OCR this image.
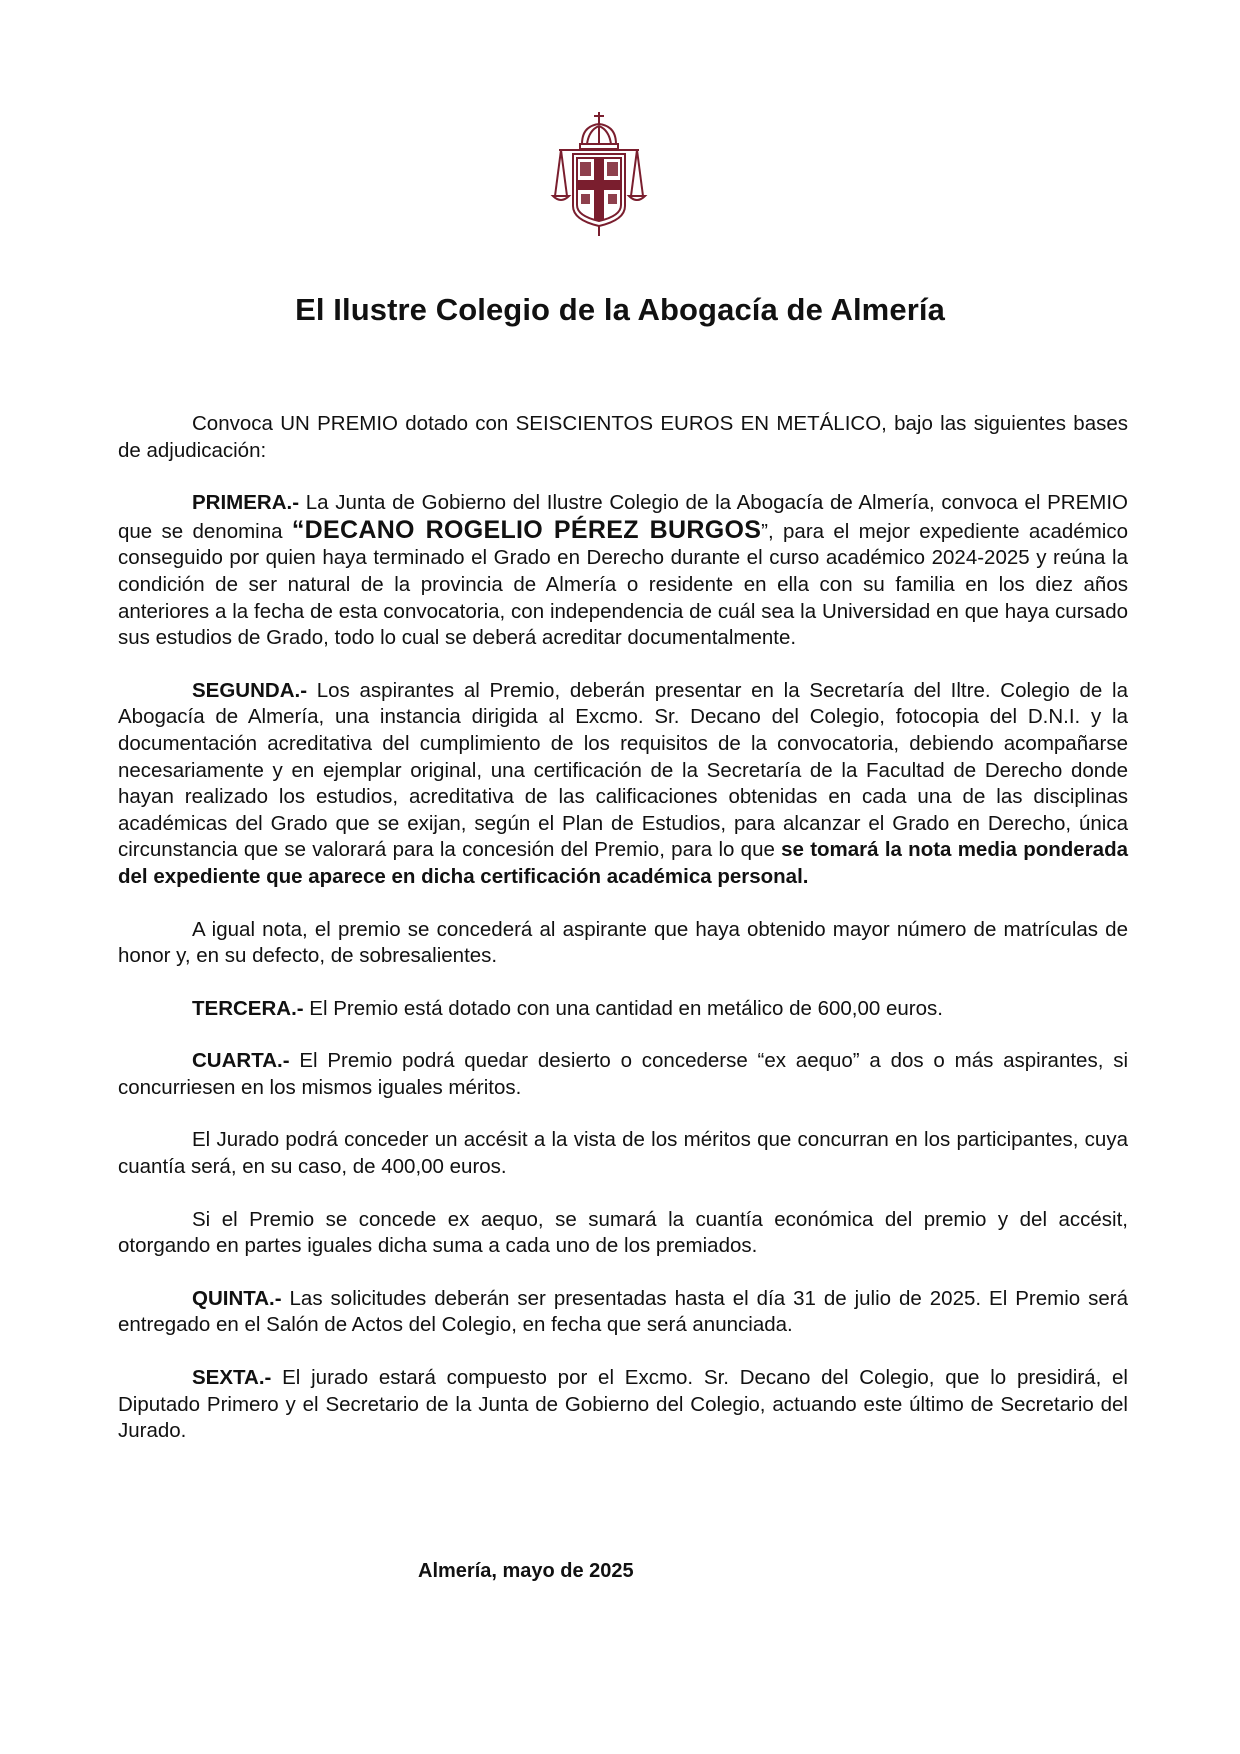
El Ilustre Colegio de la Abogacía de Almería

Convoca UN PREMIO dotado con SEISCIENTOS EUROS EN METÁLICO, bajo las siguientes bases de adjudicación:

PRIMERA.- La Junta de Gobierno del Ilustre Colegio de la Abogacía de Almería, convoca el PREMIO que se denomina “DECANO ROGELIO PÉREZ BURGOS”, para el mejor expediente académico conseguido por quien haya terminado el Grado en Derecho durante el curso académico 2024-2025 y reúna la condición de ser natural de la provincia de Almería o residente en ella con su familia en los diez años anteriores a la fecha de esta convocatoria, con independencia de cuál sea la Universidad en que haya cursado sus estudios de Grado, todo lo cual se deberá acreditar documentalmente.

SEGUNDA.- Los aspirantes al Premio, deberán presentar en la Secretaría del Iltre. Colegio de la Abogacía de Almería, una instancia dirigida al Excmo. Sr. Decano del Colegio, fotocopia del D.N.I. y la documentación acreditativa del cumplimiento de los requisitos de la convocatoria, debiendo acompañarse necesariamente y en ejemplar original, una certificación de la Secretaría de la Facultad de Derecho donde hayan realizado los estudios, acreditativa de las calificaciones obtenidas en cada una de las disciplinas académicas del Grado que se exijan, según el Plan de Estudios, para alcanzar el Grado en Derecho, única circunstancia que se valorará para la concesión del Premio, para lo que se tomará la nota media ponderada del expediente que aparece en dicha certificación académica personal.

A igual nota, el premio se concederá al aspirante que haya obtenido mayor número de matrículas de honor y, en su defecto, de sobresalientes.

TERCERA.- El Premio está dotado con una cantidad en metálico de 600,00 euros.

CUARTA.- El Premio podrá quedar desierto o concederse “ex aequo” a dos o más aspirantes, si concurriesen en los mismos iguales méritos.

El Jurado podrá conceder un accésit a la vista de los méritos que concurran en los participantes, cuya cuantía será, en su caso, de 400,00 euros.

Si el Premio se concede ex aequo, se sumará la cuantía económica del premio y del accésit, otorgando en partes iguales dicha suma a cada uno de los premiados.

QUINTA.- Las solicitudes deberán ser presentadas hasta el día 31 de julio de 2025. El Premio será entregado en el Salón de Actos del Colegio, en fecha que será anunciada.

SEXTA.- El jurado estará compuesto por el Excmo. Sr. Decano del Colegio, que lo presidirá, el Diputado Primero y el Secretario de la Junta de Gobierno del Colegio, actuando este último de Secretario del Jurado.

Almería, mayo de 2025
